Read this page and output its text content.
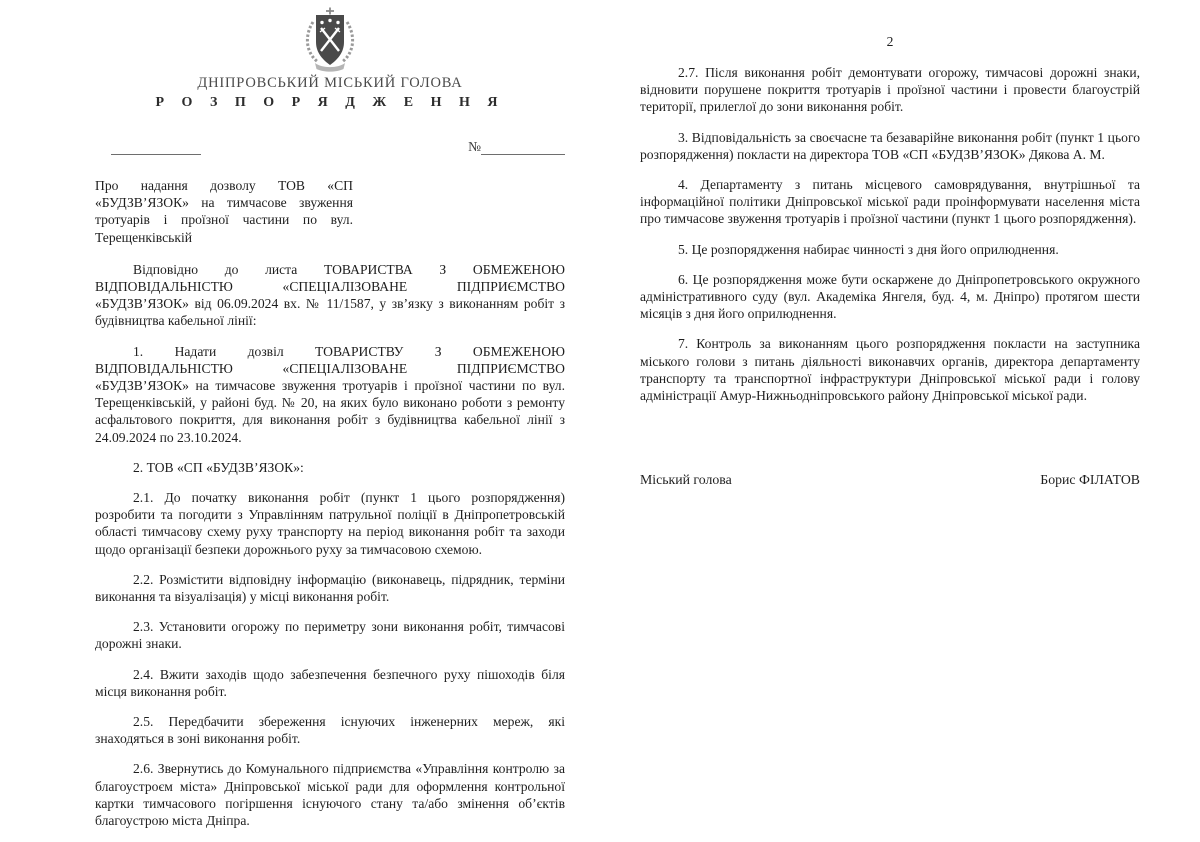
ДНІПРОВСЬКИЙ МІСЬКИЙ ГОЛОВА
Р О З П О Р Я Д Ж Е Н Н Я
№
Про надання дозволу ТОВ «СП «БУДЗВ’ЯЗОК» на тимчасове звуження тротуарів і проїзної частини по вул. Терещенківській

Відповідно до листа ТОВАРИСТВА З ОБМЕЖЕНОЮ ВІДПОВІДАЛЬНІСТЮ «СПЕЦІАЛІЗОВАНЕ ПІДПРИЄМСТВО «БУДЗВ’ЯЗОК» від 06.09.2024 вх. № 11/1587, у зв’язку з виконанням робіт з будівництва кабельної лінії:

1. Надати дозвіл ТОВАРИСТВУ З ОБМЕЖЕНОЮ ВІДПОВІДАЛЬНІСТЮ «СПЕЦІАЛІЗОВАНЕ ПІДПРИЄМСТВО «БУДЗВ’ЯЗОК» на тимчасове звуження тротуарів і проїзної частини по вул. Терещенківській, у районі буд. № 20, на яких було виконано роботи з ремонту асфальтового покриття, для виконання робіт з будівництва кабельної лінії з 24.09.2024 по 23.10.2024.

2. ТОВ «СП «БУДЗВ’ЯЗОК»:

2.1. До початку виконання робіт (пункт 1 цього розпорядження) розробити та погодити з Управлінням патрульної поліції в Дніпропетровській області тимчасову схему руху транспорту на період виконання робіт та заходи щодо організації безпеки дорожнього руху за тимчасовою схемою.

2.2. Розмістити відповідну інформацію (виконавець, підрядник, терміни виконання та візуалізація) у місці виконання робіт.

2.3. Установити огорожу по периметру зони виконання робіт, тимчасові дорожні знаки.

2.4. Вжити заходів щодо забезпечення безпечного руху пішоходів біля місця виконання робіт.

2.5. Передбачити збереження існуючих інженерних мереж, які знаходяться в зоні виконання робіт.

2.6. Звернутись до Комунального підприємства «Управління контролю за благоустроєм міста» Дніпровської міської ради для оформлення контрольної картки тимчасового погіршення існуючого стану та/або змінення об’єктів благоустрою міста Дніпра.

2

2.7. Після виконання робіт демонтувати огорожу, тимчасові дорожні знаки, відновити порушене покриття тротуарів і проїзної частини і провести благоустрій території, прилеглої до зони виконання робіт.

3. Відповідальність за своєчасне та безаварійне виконання робіт (пункт 1 цього розпорядження) покласти на директора ТОВ «СП «БУДЗВ’ЯЗОК» Дякова А. М.

4. Департаменту з питань місцевого самоврядування, внутрішньої та інформаційної політики Дніпровської міської ради проінформувати населення міста про тимчасове звуження тротуарів і проїзної частини (пункт 1 цього розпорядження).

5. Це розпорядження набирає чинності з дня його оприлюднення.

6. Це розпорядження може бути оскаржене до Дніпропетровського окружного адміністративного суду (вул. Академіка Янгеля, буд. 4, м. Дніпро) протягом шести місяців з дня його оприлюднення.

7. Контроль за виконанням цього розпорядження покласти на заступника міського голови з питань діяльності виконавчих органів, директора департаменту транспорту та транспортної інфраструктури Дніпровської міської ради і голову адміністрації Амур-Нижньодніпровського району Дніпровської міської ради.

Міський голова	Борис ФІЛАТОВ
